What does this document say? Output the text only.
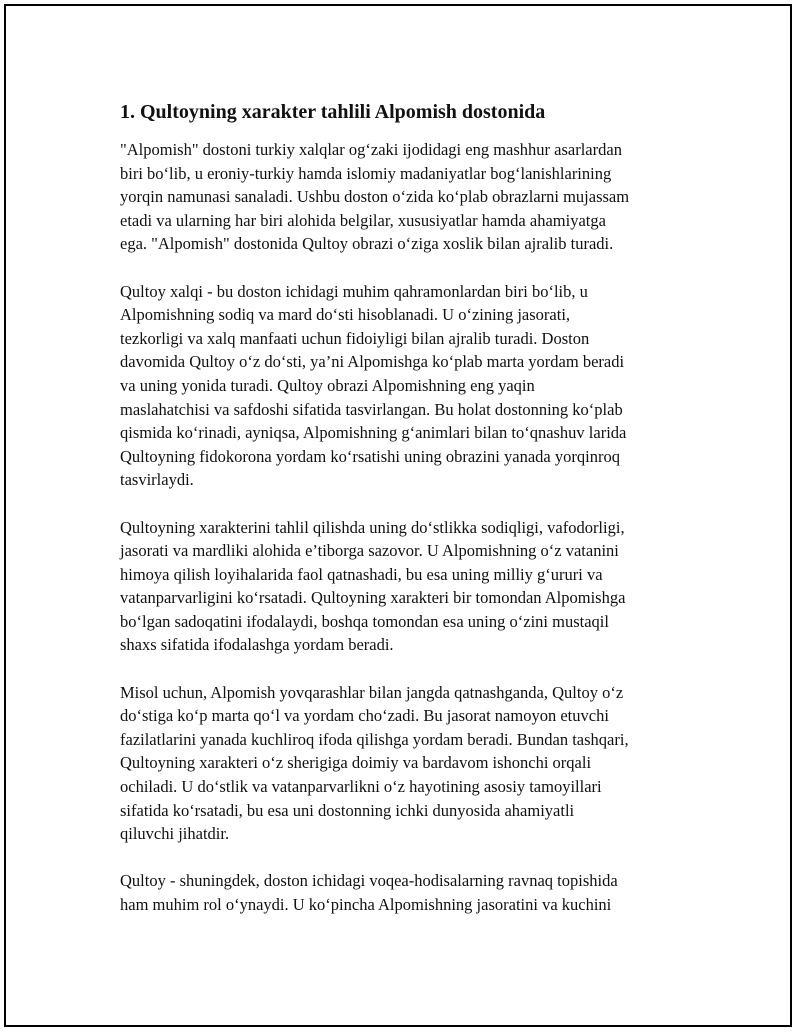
1. Qultoyning xarakter tahlili Alpomish dostonida

"Alpomish" dostoni turkiy xalqlar og‘zaki ijodidagi eng mashhur asarlardan
biri bo‘lib, u eroniy-turkiy hamda islomiy madaniyatlar bog‘lanishlarining
yorqin namunasi sanaladi. Ushbu doston o‘zida ko‘plab obrazlarni mujassam
etadi va ularning har biri alohida belgilar, xususiyatlar hamda ahamiyatga
ega. "Alpomish" dostonida Qultoy obrazi o‘ziga xoslik bilan ajralib turadi.

Qultoy xalqi - bu doston ichidagi muhim qahramonlardan biri bo‘lib, u
Alpomishning sodiq va mard do‘sti hisoblanadi. U o‘zining jasorati,
tezkorligi va xalq manfaati uchun fidoiyligi bilan ajralib turadi. Doston
davomida Qultoy o‘z do‘sti, ya’ni Alpomishga ko‘plab marta yordam beradi
va uning yonida turadi. Qultoy obrazi Alpomishning eng yaqin
maslahatchisi va safdoshi sifatida tasvirlangan. Bu holat dostonning ko‘plab
qismida ko‘rinadi, ayniqsa, Alpomishning g‘animlari bilan to‘qnashuv larida
Qultoyning fidokorona yordam ko‘rsatishi uning obrazini yanada yorqinroq
tasvirlaydi.

Qultoyning xarakterini tahlil qilishda uning do‘stlikka sodiqligi, vafodorligi,
jasorati va mardliki alohida e’tiborga sazovor. U Alpomishning o‘z vatanini
himoya qilish loyihalarida faol qatnashadi, bu esa uning milliy g‘ururi va
vatanparvarligini ko‘rsatadi. Qultoyning xarakteri bir tomondan Alpomishga
bo‘lgan sadoqatini ifodalaydi, boshqa tomondan esa uning o‘zini mustaqil
shaxs sifatida ifodalashga yordam beradi.

Misol uchun, Alpomish yovqarashlar bilan jangda qatnashganda, Qultoy o‘z
do‘stiga ko‘p marta qo‘l va yordam cho‘zadi. Bu jasorat namoyon etuvchi
fazilatlarini yanada kuchliroq ifoda qilishga yordam beradi. Bundan tashqari,
Qultoyning xarakteri o‘z sherigiga doimiy va bardavom ishonchi orqali
ochiladi. U do‘stlik va vatanparvarlikni o‘z hayotining asosiy tamoyillari
sifatida ko‘rsatadi, bu esa uni dostonning ichki dunyosida ahamiyatli
qiluvchi jihatdir.

Qultoy - shuningdek, doston ichidagi voqea-hodisalarning ravnaq topishida
ham muhim rol o‘ynaydi. U ko‘pincha Alpomishning jasoratini va kuchini
